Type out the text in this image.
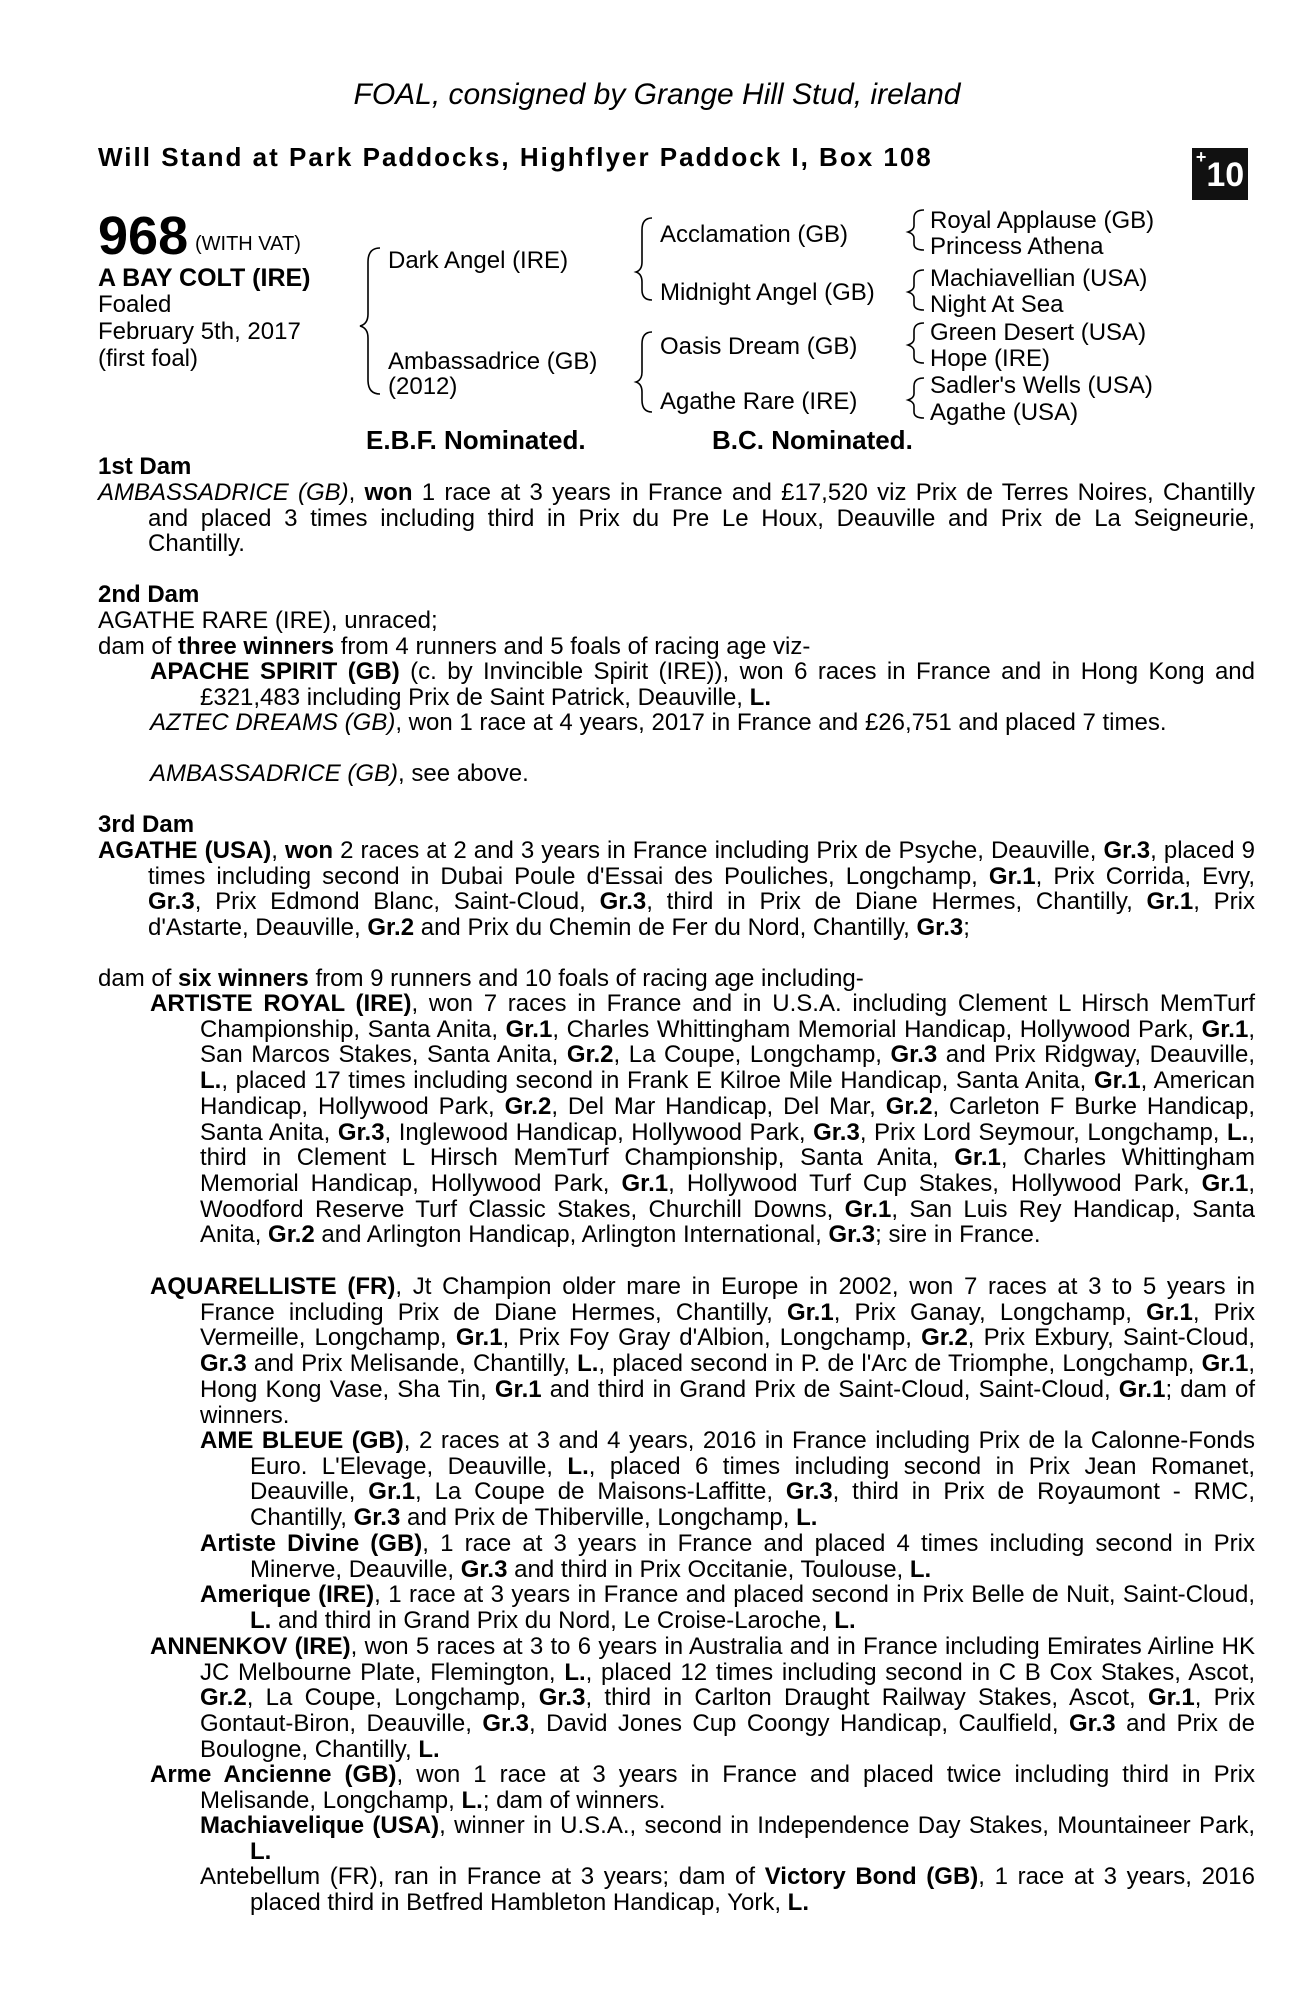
FOAL, consigned by Grange Hill Stud, ireland
Will Stand at Park Paddocks, Highflyer Paddock I, Box 108	+10
968 (WITH VAT)
A BAY COLT (IRE)
Foaled
February 5th, 2017
(first foal)
Dark Angel (IRE)
Ambassadrice (GB)
(2012)
Acclamation (GB)
Midnight Angel (GB)
Oasis Dream (GB)
Agathe Rare (IRE)
Royal Applause (GB)
Princess Athena
Machiavellian (USA)
Night At Sea
Green Desert (USA)
Hope (IRE)
Sadler's Wells (USA)
Agathe (USA)
E.B.F. Nominated.	B.C. Nominated.
1st Dam
AMBASSADRICE (GB), won 1 race at 3 years in France and £17,520 viz Prix de Terres Noires, Chantilly and placed 3 times including third in Prix du Pre Le Houx, Deauville and Prix de La Seigneurie, Chantilly.
2nd Dam
AGATHE RARE (IRE), unraced;
dam of three winners from 4 runners and 5 foals of racing age viz-
APACHE SPIRIT (GB) (c. by Invincible Spirit (IRE)), won 6 races in France and in Hong Kong and £321,483 including Prix de Saint Patrick, Deauville, L.
AZTEC DREAMS (GB), won 1 race at 4 years, 2017 in France and £26,751 and placed 7 times.
AMBASSADRICE (GB), see above.
3rd Dam
AGATHE (USA), won 2 races at 2 and 3 years in France including Prix de Psyche, Deauville, Gr.3, placed 9 times including second in Dubai Poule d'Essai des Pouliches, Longchamp, Gr.1, Prix Corrida, Evry, Gr.3, Prix Edmond Blanc, Saint-Cloud, Gr.3, third in Prix de Diane Hermes, Chantilly, Gr.1, Prix d'Astarte, Deauville, Gr.2 and Prix du Chemin de Fer du Nord, Chantilly, Gr.3;
dam of six winners from 9 runners and 10 foals of racing age including-
ARTISTE ROYAL (IRE), won 7 races in France and in U.S.A. including Clement L Hirsch MemTurf Championship, Santa Anita, Gr.1, Charles Whittingham Memorial Handicap, Hollywood Park, Gr.1, San Marcos Stakes, Santa Anita, Gr.2, La Coupe, Longchamp, Gr.3 and Prix Ridgway, Deauville, L., placed 17 times including second in Frank E Kilroe Mile Handicap, Santa Anita, Gr.1, American Handicap, Hollywood Park, Gr.2, Del Mar Handicap, Del Mar, Gr.2, Carleton F Burke Handicap, Santa Anita, Gr.3, Inglewood Handicap, Hollywood Park, Gr.3, Prix Lord Seymour, Longchamp, L., third in Clement L Hirsch MemTurf Championship, Santa Anita, Gr.1, Charles Whittingham Memorial Handicap, Hollywood Park, Gr.1, Hollywood Turf Cup Stakes, Hollywood Park, Gr.1, Woodford Reserve Turf Classic Stakes, Churchill Downs, Gr.1, San Luis Rey Handicap, Santa Anita, Gr.2 and Arlington Handicap, Arlington International, Gr.3; sire in France.
AQUARELLISTE (FR), Jt Champion older mare in Europe in 2002, won 7 races at 3 to 5 years in France including Prix de Diane Hermes, Chantilly, Gr.1, Prix Ganay, Longchamp, Gr.1, Prix Vermeille, Longchamp, Gr.1, Prix Foy Gray d'Albion, Longchamp, Gr.2, Prix Exbury, Saint-Cloud, Gr.3 and Prix Melisande, Chantilly, L., placed second in P. de l'Arc de Triomphe, Longchamp, Gr.1, Hong Kong Vase, Sha Tin, Gr.1 and third in Grand Prix de Saint-Cloud, Saint-Cloud, Gr.1; dam of winners.
AME BLEUE (GB), 2 races at 3 and 4 years, 2016 in France including Prix de la Calonne-Fonds Euro. L'Elevage, Deauville, L., placed 6 times including second in Prix Jean Romanet, Deauville, Gr.1, La Coupe de Maisons-Laffitte, Gr.3, third in Prix de Royaumont - RMC, Chantilly, Gr.3 and Prix de Thiberville, Longchamp, L.
Artiste Divine (GB), 1 race at 3 years in France and placed 4 times including second in Prix Minerve, Deauville, Gr.3 and third in Prix Occitanie, Toulouse, L.
Amerique (IRE), 1 race at 3 years in France and placed second in Prix Belle de Nuit, Saint-Cloud, L. and third in Grand Prix du Nord, Le Croise-Laroche, L.
ANNENKOV (IRE), won 5 races at 3 to 6 years in Australia and in France including Emirates Airline HK JC Melbourne Plate, Flemington, L., placed 12 times including second in C B Cox Stakes, Ascot, Gr.2, La Coupe, Longchamp, Gr.3, third in Carlton Draught Railway Stakes, Ascot, Gr.1, Prix Gontaut-Biron, Deauville, Gr.3, David Jones Cup Coongy Handicap, Caulfield, Gr.3 and Prix de Boulogne, Chantilly, L.
Arme Ancienne (GB), won 1 race at 3 years in France and placed twice including third in Prix Melisande, Longchamp, L.; dam of winners.
Machiavelique (USA), winner in U.S.A., second in Independence Day Stakes, Mountaineer Park, L.
Antebellum (FR), ran in France at 3 years; dam of Victory Bond (GB), 1 race at 3 years, 2016 placed third in Betfred Hambleton Handicap, York, L.
